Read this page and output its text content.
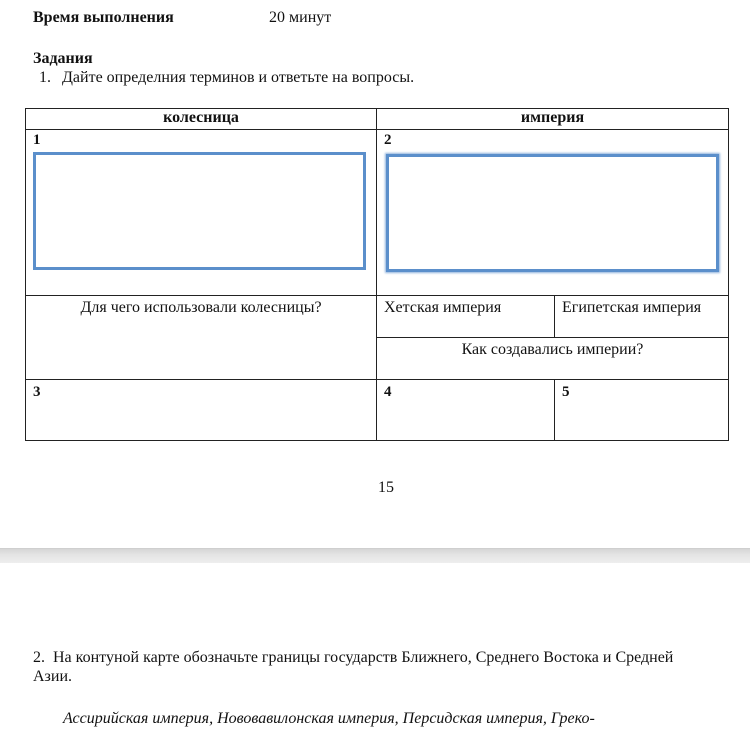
Время выполнения	20 минут
Задания
1. Дайте определния терминов и ответьте на вопросы.
колесница	империя	

1	2	

Для чего использовали колесницы?	Хетская империя	Египетская империя
	Как создавались империи?	

3	4	5
15
2. На контуной карте обозначьте границы государств Ближнего, Среднего Востока и Средней
Азии.
Ассирийская империя, Нововавилонская империя, Персидская империя, Греко-
